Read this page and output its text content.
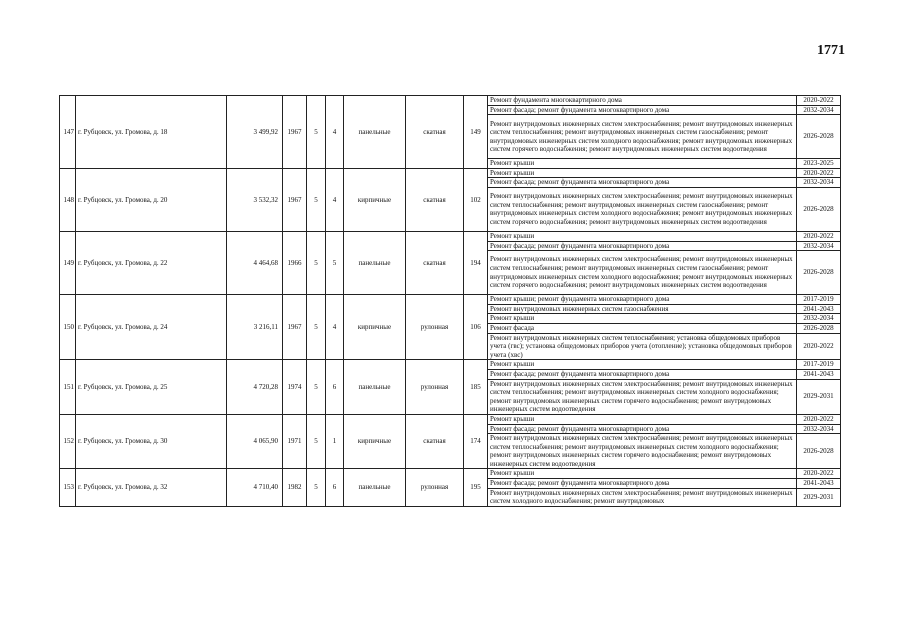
1771
147	г. Рубцовск, ул. Громова, д. 18	3 499,92	1967	5	4	панельные	скатная	149	Ремонт фундамента многоквартирного дома	2020-2022
									Ремонт фасада; ремонт фундамента многоквартирного дома	2032-2034
									Ремонт внутридомовых инженерных систем электроснабжения; ремонт внутридомовых инженерных систем теплоснабжения; ремонт внутридомовых инженерных систем газоснабжения; ремонт внутридомовых инженерных систем холодного водоснабжения; ремонт внутридомовых инженерных систем горячего водоснабжения; ремонт внутридомовых инженерных систем водоотведения	2026-2028
									Ремонт крыши	2023-2025
148	г. Рубцовск, ул. Громова, д. 20	3 532,32	1967	5	4	кирпичные	скатная	102	Ремонт крыши	2020-2022
									Ремонт фасада; ремонт фундамента многоквартирного дома	2032-2034
									Ремонт внутридомовых инженерных систем электроснабжения; ремонт внутридомовых инженерных систем теплоснабжения; ремонт внутридомовых инженерных систем газоснабжения; ремонт внутридомовых инженерных систем холодного водоснабжения; ремонт внутридомовых инженерных систем горячего водоснабжения; ремонт внутридомовых инженерных систем водоотведения	2026-2028
149	г. Рубцовск, ул. Громова, д. 22	4 464,68	1966	5	5	панельные	скатная	194	Ремонт крыши	2020-2022
									Ремонт фасада; ремонт фундамента многоквартирного дома	2032-2034
									Ремонт внутридомовых инженерных систем электроснабжения; ремонт внутридомовых инженерных систем теплоснабжения; ремонт внутридомовых инженерных систем газоснабжения; ремонт внутридомовых инженерных систем холодного водоснабжения; ремонт внутридомовых инженерных систем горячего водоснабжения; ремонт внутридомовых инженерных систем водоотведения	2026-2028
150	г. Рубцовск, ул. Громова, д. 24	3 216,11	1967	5	4	кирпичные	рулонная	106	Ремонт крыши; ремонт фундамента многоквартирного дома	2017-2019
									Ремонт внутридомовых инженерных систем газоснабжения	2041-2043
									Ремонт крыши	2032-2034
									Ремонт фасада	2026-2028
									Ремонт внутридомовых инженерных систем теплоснабжения; установка общедомовых приборов учета (гвс); установка общедомовых приборов учета (отопление); установка общедомовых приборов учета (хвс)	2020-2022
151	г. Рубцовск, ул. Громова, д. 25	4 720,28	1974	5	6	панельные	рулонная	185	Ремонт крыши	2017-2019
									Ремонт фасада; ремонт фундамента многоквартирного дома	2041-2043
									Ремонт внутридомовых инженерных систем электроснабжения; ремонт внутридомовых инженерных систем теплоснабжения; ремонт внутридомовых инженерных систем холодного водоснабжения; ремонт внутридомовых инженерных систем горячего водоснабжения; ремонт внутридомовых инженерных систем водоотведения	2029-2031
152	г. Рубцовск, ул. Громова, д. 30	4 065,90	1971	5	1	кирпичные	скатная	174	Ремонт крыши	2020-2022
									Ремонт фасада; ремонт фундамента многоквартирного дома	2032-2034
									Ремонт внутридомовых инженерных систем электроснабжения; ремонт внутридомовых инженерных систем теплоснабжения; ремонт внутридомовых инженерных систем холодного водоснабжения; ремонт внутридомовых инженерных систем горячего водоснабжения; ремонт внутридомовых инженерных систем водоотведения	2026-2028
153	г. Рубцовск, ул. Громова, д. 32	4 710,40	1982	5	6	панельные	рулонная	195	Ремонт крыши	2020-2022
									Ремонт фасада; ремонт фундамента многоквартирного дома	2041-2043
									Ремонт внутридомовых инженерных систем электроснабжения; ремонт внутридомовых инженерных систем холодного водоснабжения; ремонт внутридомовых	2029-2031
